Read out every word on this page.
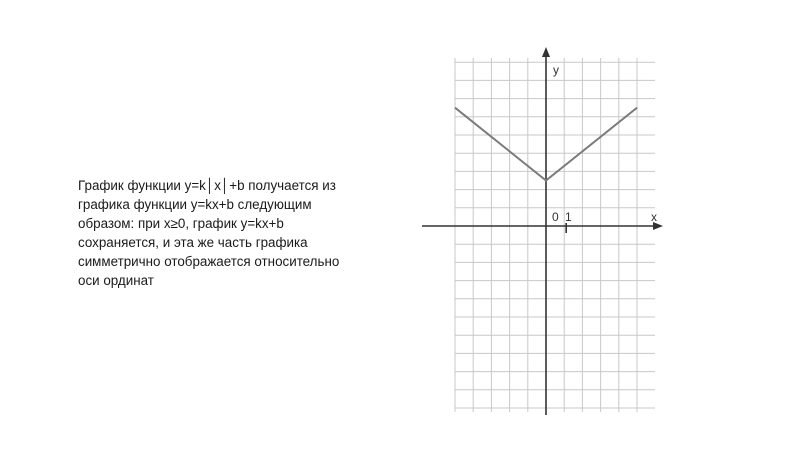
График функции y=k│x│+b получается из
графика функции y=kx+b следующим
образом: при x≥0, график y=kx+b
сохраняется, и эта же часть графика
симметрично отображается относительно
оси ординат

x
y
0 1
